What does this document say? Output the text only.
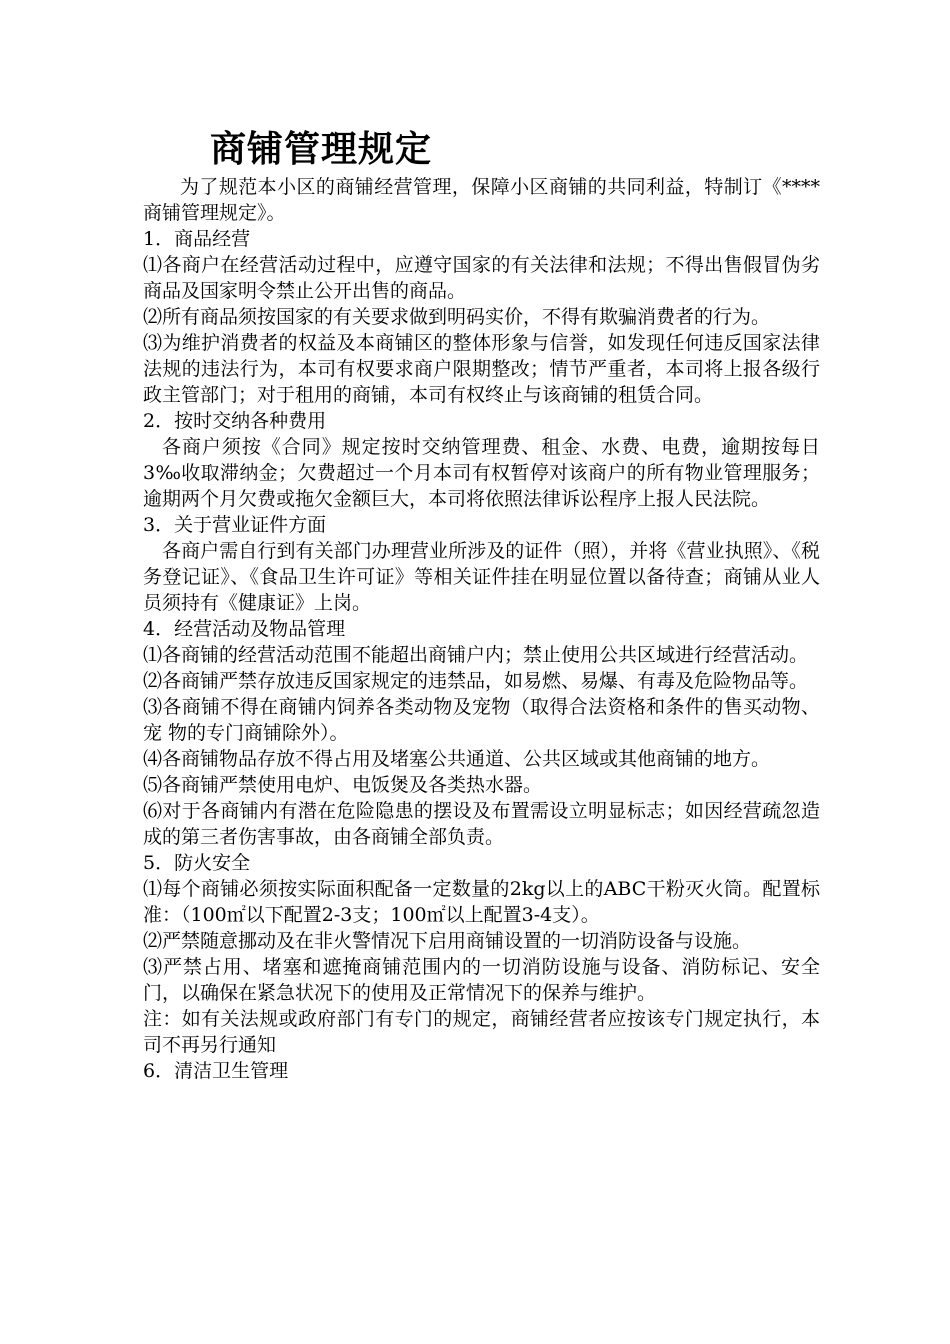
商铺管理规定

为了规范本小区的商铺经营管理，保障小区商铺的共同利益，特制订《****商铺管理规定》。

1．商品经营

⑴各商户在经营活动过程中，应遵守国家的有关法律和法规；不得出售假冒伪劣商品及国家明令禁止公开出售的商品。

⑵所有商品须按国家的有关要求做到明码实价，不得有欺骗消费者的行为。

⑶为维护消费者的权益及本商铺区的整体形象与信誉，如发现任何违反国家法律法规的违法行为，本司有权要求商户限期整改；情节严重者，本司将上报各级行政主管部门；对于租用的商铺，本司有权终止与该商铺的租赁合同。

2．按时交纳各种费用

各商户须按《合同》规定按时交纳管理费、租金、水费、电费，逾期按每日3‰收取滞纳金；欠费超过一个月本司有权暂停对该商户的所有物业管理服务；逾期两个月欠费或拖欠金额巨大，本司将依照法律诉讼程序上报人民法院。

3．关于营业证件方面

各商户需自行到有关部门办理营业所涉及的证件（照），并将《营业执照》、《税务登记证》、《食品卫生许可证》等相关证件挂在明显位置以备待查；商铺从业人员须持有《健康证》上岗。

4．经营活动及物品管理

⑴各商铺的经营活动范围不能超出商铺户内；禁止使用公共区域进行经营活动。

⑵各商铺严禁存放违反国家规定的违禁品，如易燃、易爆、有毒及危险物品等。

⑶各商铺不得在商铺内饲养各类动物及宠物（取得合法资格和条件的售买动物、宠 物的专门商铺除外）。

⑷各商铺物品存放不得占用及堵塞公共通道、公共区域或其他商铺的地方。

⑸各商铺严禁使用电炉、电饭煲及各类热水器。

⑹对于各商铺内有潜在危险隐患的摆设及布置需设立明显标志；如因经营疏忽造成的第三者伤害事故，由各商铺全部负责。

5．防火安全

⑴每个商铺必须按实际面积配备一定数量的2kg以上的ABC干粉灭火筒。配置标准：（100㎡以下配置2-3支；100㎡以上配置3-4支）。

⑵严禁随意挪动及在非火警情况下启用商铺设置的一切消防设备与设施。

⑶严禁占用、堵塞和遮掩商铺范围内的一切消防设施与设备、消防标记、安全门，以确保在紧急状况下的使用及正常情况下的保养与维护。

注：如有关法规或政府部门有专门的规定，商铺经营者应按该专门规定执行，本司不再另行通知

6．清洁卫生管理
